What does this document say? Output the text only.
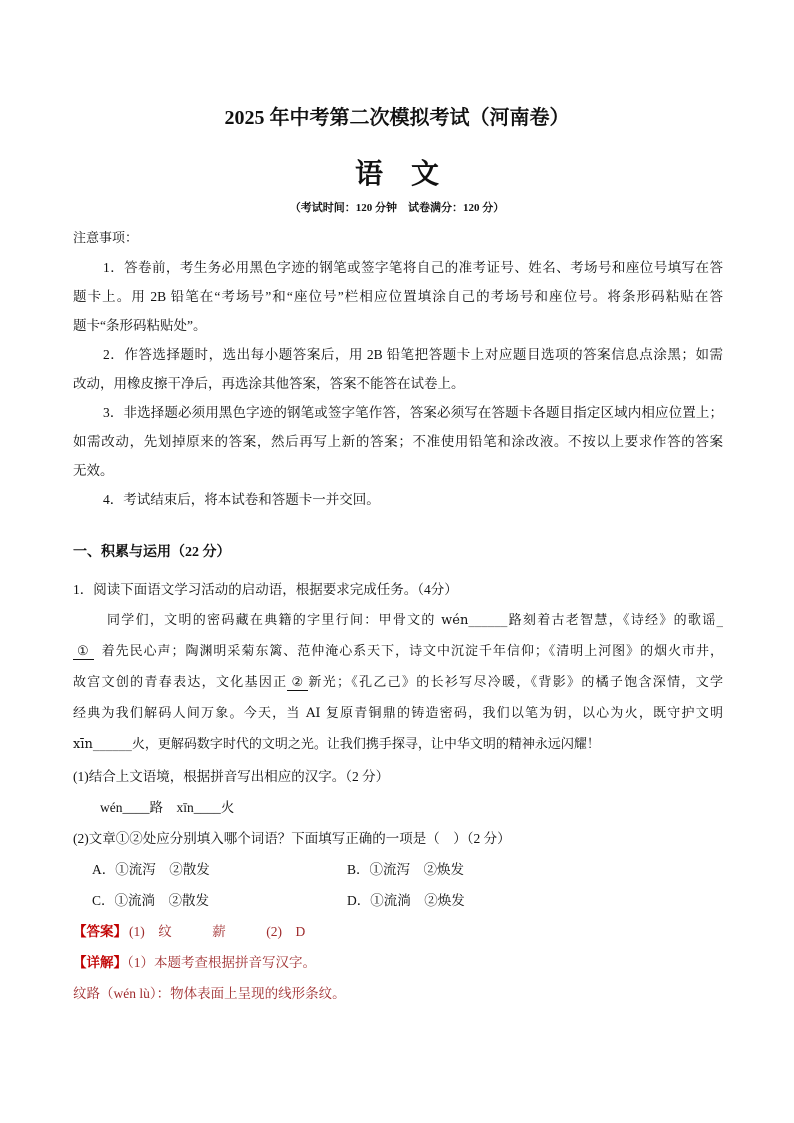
2025 年中考第二次模拟考试（河南卷）
语　文
（考试时间：120 分钟　试卷满分：120 分）
注意事项：
1．答卷前，考生务必用黑色字迹的钢笔或签字笔将自己的准考证号、姓名、考场号和座位号填写在答
题卡上。用 2B 铅笔在“考场号”和“座位号”栏相应位置填涂自己的考场号和座位号。将条形码粘贴在答
题卡“条形码粘贴处”。
2．作答选择题时，选出每小题答案后，用 2B 铅笔把答题卡上对应题目选项的答案信息点涂黑；如需
改动，用橡皮擦干净后，再选涂其他答案，答案不能答在试卷上。
3．非选择题必须用黑色字迹的钢笔或签字笔作答，答案必须写在答题卡各题目指定区域内相应位置上；
如需改动，先划掉原来的答案，然后再写上新的答案；不准使用铅笔和涂改液。不按以上要求作答的答案
无效。
4．考试结束后，将本试卷和答题卡一并交回。
一、积累与运用（22 分）
1．阅读下面语文学习活动的启动语，根据要求完成任务。（4分）
同学们，文明的密码藏在典籍的字里行间：甲骨文的 wén______路刻着古老智慧，《诗经》的歌谣_
① 着先民心声；陶渊明采菊东篱、范仲淹心系天下，诗文中沉淀千年信仰；《清明上河图》的烟火市井，
故宫文创的青春表达，文化基因正 ② 新光；《孔乙己》的长衫写尽冷暖，《背影》的橘子饱含深情，文学
经典为我们解码人间万象。今天，当 AI 复原青铜鼎的铸造密码，我们以笔为钥，以心为火，既守护文明
xīn______火，更解码数字时代的文明之光。让我们携手探寻，让中华文明的精神永远闪耀！
(1)结合上文语境，根据拼音写出相应的汉字。（2 分）
wén____路　xīn____火
(2)文章①②处应分别填入哪个词语？下面填写正确的一项是（　）（2 分）
A．①流泻　②散发	B．①流泻　②焕发
C．①流淌　②散发	D．①流淌　②焕发
【答案】 (1)　纹　　　薪　　　(2)　D
【详解】（1）本题考查根据拼音写汉字。
纹路（wén lù）：物体表面上呈现的线形条纹。
